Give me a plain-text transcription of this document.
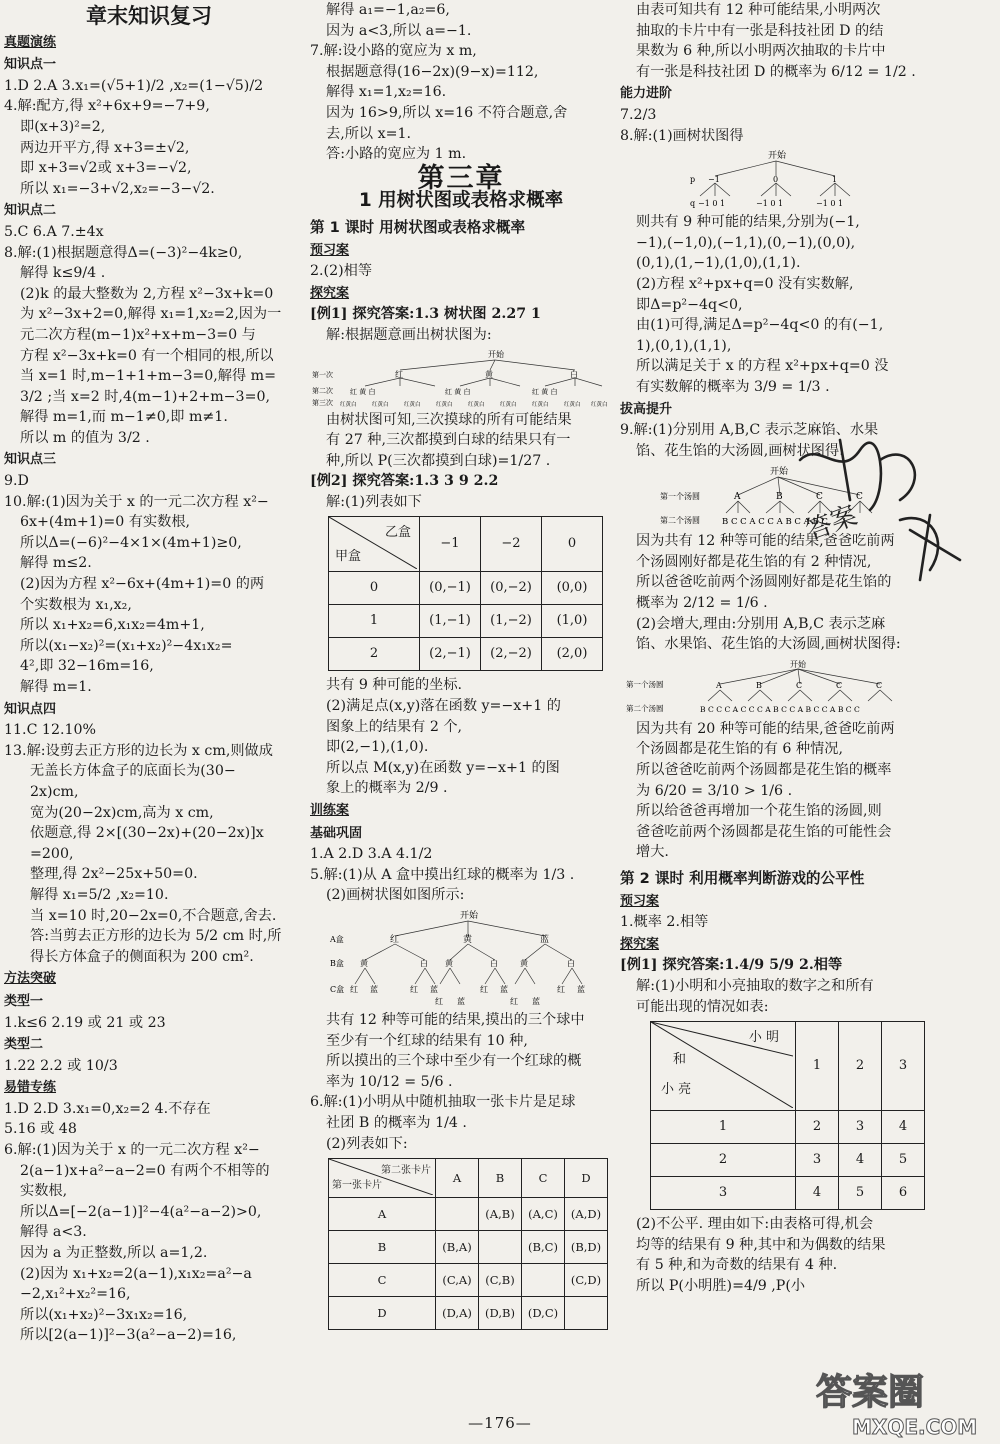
章末知识复习
真题演练
知识点一
1.D 2.A 3.x₁=(√5+1)/2 ,x₂=(1−√5)/2
4.解:配方,得 x²+6x+9=−7+9,
即(x+3)²=2,
两边开平方,得 x+3=±√2,
即 x+3=√2或 x+3=−√2,
所以 x₁=−3+√2,x₂=−3−√2.
知识点二
5.C 6.A 7.±4x
8.解:(1)根据题意得Δ=(−3)²−4k≥0,
解得 k≤9/4 .
(2)k 的最大整数为 2,方程 x²−3x+k=0
为 x²−3x+2=0,解得 x₁=1,x₂=2,因为一
元二次方程(m−1)x²+x+m−3=0 与
方程 x²−3x+k=0 有一个相同的根,所以
当 x=1 时,m−1+1+m−3=0,解得 m=
3/2 ;当 x=2 时,4(m−1)+2+m−3=0,
解得 m=1,而 m−1≠0,即 m≠1.
所以 m 的值为 3/2 .
知识点三
9.D
10.解:(1)因为关于 x 的一元二次方程 x²−
6x+(4m+1)=0 有实数根,
所以Δ=(−6)²−4×1×(4m+1)≥0,
解得 m≤2.
(2)因为方程 x²−6x+(4m+1)=0 的两
个实数根为 x₁,x₂,
所以 x₁+x₂=6,x₁x₂=4m+1,
所以(x₁−x₂)²=(x₁+x₂)²−4x₁x₂=
4²,即 32−16m=16,
解得 m=1.
知识点四
11.C 12.10%
13.解:设剪去正方形的边长为 x cm,则做成
无盖长方体盒子的底面长为(30−
2x)cm,
宽为(20−2x)cm,高为 x cm,
依题意,得 2×[(30−2x)+(20−2x)]x
=200,
整理,得 2x²−25x+50=0.
解得 x₁=5/2 ,x₂=10.
当 x=10 时,20−2x=0,不合题意,舍去.
答:当剪去正方形的边长为 5/2 cm 时,所
得长方体盒子的侧面积为 200 cm².
方法突破
类型一
1.k≤6 2.19 或 21 或 23
类型二
1.22 2.2 或 10/3
易错专练
1.D 2.D 3.x₁=0,x₂=2 4.不存在
5.16 或 48
6.解:(1)因为关于 x 的一元二次方程 x²−
2(a−1)x+a²−a−2=0 有两个不相等的
实数根,
所以Δ=[−2(a−1)]²−4(a²−a−2)>0,
解得 a<3.
因为 a 为正整数,所以 a=1,2.
(2)因为 x₁+x₂=2(a−1),x₁x₂=a²−a
−2,x₁²+x₂²=16,
所以(x₁+x₂)²−3x₁x₂=16,
所以[2(a−1)]²−3(a²−a−2)=16,
解得 a₁=−1,a₂=6,
因为 a<3,所以 a=−1.
7.解:设小路的宽应为 x m,
根据题意得(16−2x)(9−x)=112,
解得 x₁=1,x₂=16.
因为 16>9,所以 x=16 不符合题意,舍
去,所以 x=1.
答:小路的宽应为 1 m.
第三章
1 用树状图或表格求概率
第 1 课时 用树状图或表格求概率
预习案
2.(2)相等
探究案
[例1] 探究答案:1.3 树状图 2.27 1
解:根据题意画出树状图为:
开始
第一次
第二次
第三次
红	黄	白
红 黄 白	红 黄 白	红 黄 白
红黄白	红黄白	红黄白	红黄白	红黄白	红黄白	红黄白	红黄白 红黄白
由树状图可知,三次摸球的所有可能结果
有 27 种,三次都摸到白球的结果只有一
种,所以 P(三次都摸到白球)=1/27 .
[例2] 探究答案:1.3 3 9 2.2
解:(1)列表如下
乙盒
甲盒	−1	−2	0
0	(0,−1)	(0,−2)	(0,0)
1	(1,−1)	(1,−2)	(1,0)
2	(2,−1)	(2,−2)	(2,0)
共有 9 种可能的坐标.
(2)满足点(x,y)落在函数 y=−x+1 的
图象上的结果有 2 个,
即(2,−1),(1,0).
所以点 M(x,y)在函数 y=−x+1 的图
象上的概率为 2/9 .
训练案
基础巩固
1.A 2.D 3.A 4.1/2
5.解:(1)从 A 盒中摸出红球的概率为 1/3 .
(2)画树状图如图所示:
开始
A盒
B盒
C盒
红	黄	蓝
黄	白 黄	白	黄	白
红 蓝	红 蓝
红 蓝
红 蓝
红 蓝
红 蓝
共有 12 种等可能的结果,摸出的三个球中
至少有一个红球的结果有 10 种,
所以摸出的三个球中至少有一个红球的概
率为 10/12 = 5/6 .
6.解:(1)小明从中随机抽取一张卡片是足球
社团 B 的概率为 1/4 .
(2)列表如下:
第二张卡片
第一张卡片	A	B	C	D
A		(A,B)	(A,C)	(A,D)
B	(B,A)		(B,C)	(B,D)
C	(C,A)	(C,B)		(C,D)
D	(D,A)	(D,B)	(D,C)	
由表可知共有 12 种可能结果,小明两次
抽取的卡片中有一张是科技社团 D 的结
果数为 6 种,所以小明两次抽取的卡片中
有一张是科技社团 D 的概率为 6/12 = 1/2 .
能力进阶
7.2/3
8.解:(1)画树状图得
开始
p
q
−1	0	1
−1 0 1	−1 0 1	−1 0 1
则共有 9 种可能的结果,分别为(−1,
−1),(−1,0),(−1,1),(0,−1),(0,0),
(0,1),(1,−1),(1,0),(1,1).
(2)方程 x²+px+q=0 没有实数解,
即Δ=p²−4q<0,
由(1)可得,满足Δ=p²−4q<0 的有(−1,
1),(0,1),(1,1),
所以满足关于 x 的方程 x²+px+q=0 没
有实数解的概率为 3/9 = 1/3 .
拔高提升
9.解:(1)分别用 A,B,C 表示芝麻馅、水果
馅、花生馅的大汤圆,画树状图得:
开始
第一个汤圆
第二个汤圆
A	B	C	C
B C C A C C A B C A B C
因为共有 12 种等可能的结果,爸爸吃前两
个汤圆刚好都是花生馅的有 2 种情况,
所以爸爸吃前两个汤圆刚好都是花生馅的
概率为 2/12 = 1/6 .
(2)会增大,理由:分别用 A,B,C 表示芝麻
馅、水果馅、花生馅的大汤圆,画树状图得:
开始
第一个汤圆
第二个汤圆
A	B	C	C	C
B C C C A C C C A B C C A B C C A B C C
因为共有 20 种等可能的结果,爸爸吃前两
个汤圆都是花生馅的有 6 种情况,
所以爸爸吃前两个汤圆都是花生馅的概率
为 6/20 = 3/10 > 1/6 .
所以给爸爸再增加一个花生馅的汤圆,则
爸爸吃前两个汤圆都是花生馅的可能性会
增大.
第 2 课时 利用概率判断游戏的公平性
预习案
1.概率 2.相等
探究案
[例1] 探究答案:1.4/9 5/9 2.相等
解:(1)小明和小亮抽取的数字之和所有
可能出现的情况如表:
小 明
和
小 亮	1	2	3
1	2	3	4
2	3	4	5
3	4	5	6
(2)不公平. 理由如下:由表格可得,机会
均等的结果有 9 种,其中和为偶数的结果
有 5 种,和为奇数的结果有 4 种.
所以 P(小明胜)=4/9 ,P(小
答案
—176—
答案圈
MXQE.COM
